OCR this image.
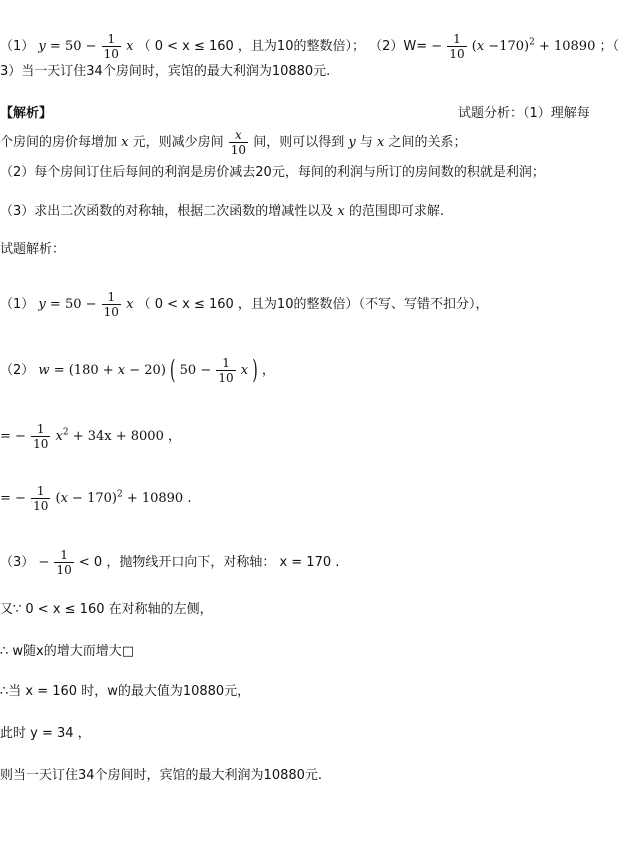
（1） $y = 50 - \frac{1}{10}$ x （ 0 < x ≤ 160 ，且为10的整数倍）； $(2)W= - \frac{1}{10} (x -170)^2 + 10890$ ；（
3）当一天订住34个房间时，宾馆的最大利润为10880元.
【解析】	试题分析：（1）理解每
个房间的房价每增加 x 元，则减少房间 $\frac{x}{10}$ 间，则可以得到 y 与 x 之间的关系；
（2）每个房间订住后每间的利润是房价减去20元，每间的利润与所订的房间数的积就是利润；
（3）求出二次函数的对称轴，根据二次函数的增减性以及 x 的范围即可求解.
试题解析：
（1） $y = 50 - \frac{1}{10}$ x （ 0 < x ≤ 160 ，且为10的整数倍）（不写、写错不扣分），
（2） w = (180 + x − 20) ( $50 - \frac{1}{10}$ x ) ，
= − $\frac{1}{10} x^2 + 34x + 8000$ ，
= − $\frac{1}{10} (x - 170)^2 + 10890$ .
$(3) - \frac{1}{10} < 0$ ，抛物线开口向下，对称轴： x = 170 .
又∵ 0 < x ≤ 160 在对称轴的左侧，
∴ w随x的增大而增大□
∴当 x = 160 时，w的最大值为10880元，
此时 y = 34 ，
则当一天订住34个房间时，宾馆的最大利润为10880元.
